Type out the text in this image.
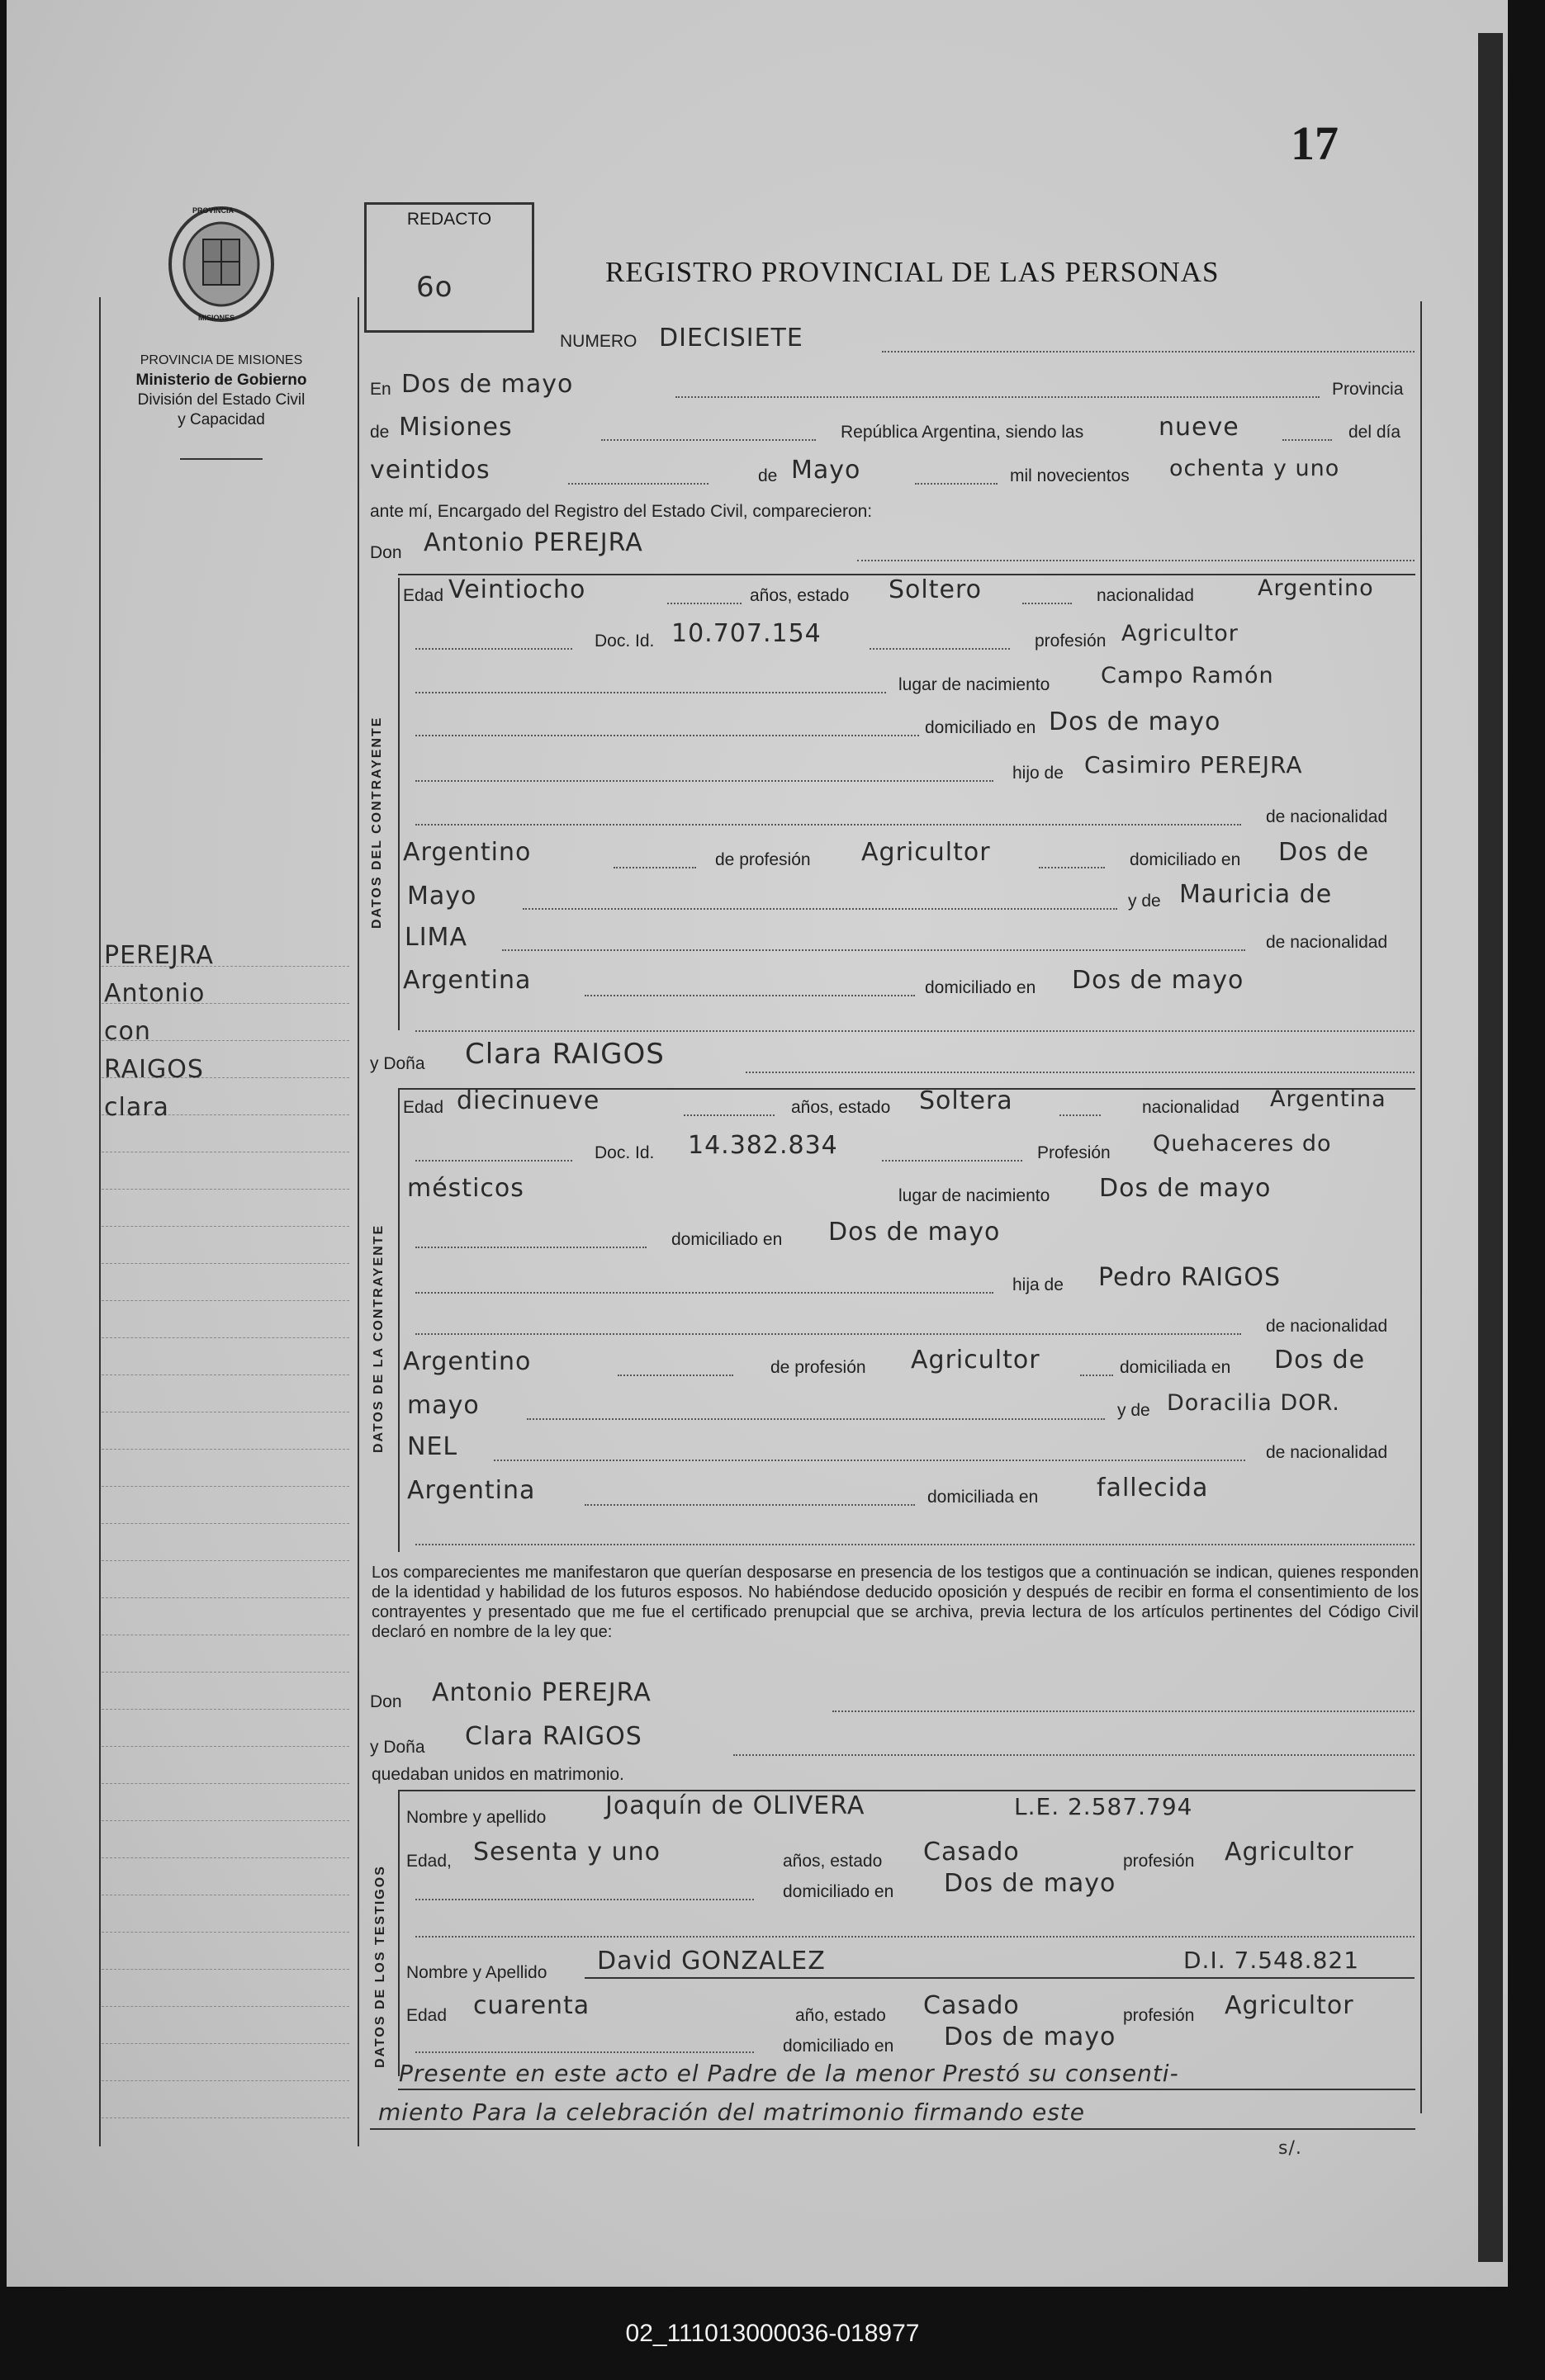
17
PROVINCIA
MISIONES
PROVINCIA DE MISIONES
Ministerio de Gobierno
División del Estado Civil
y Capacidad
PEREJRA
Antonio
con
RAIGOS
clara
REDACTO
6o	REGISTRO PROVINCIAL DE LAS PERSONAS
NUMERO DIECISIETE
En Dos de mayo	Provincia
de Misiones	República Argentina, siendo las	nueve	del día
veintidos	de Mayo	mil novecientos ochenta y uno
ante mí, Encargado del Registro del Estado Civil, comparecieron:
Don Antonio PEREJRA
DATOS DEL CONTRAYENTE
Edad Veintiocho	años, estado Soltero	nacionalidad	Argentino
Doc. Id. 10.707.154	profesión Agricultor
lugar de nacimiento Campo Ramón
domiciliado en Dos de mayo
hijo de Casimiro PEREJRA
de nacionalidad
Argentino	de profesión Agricultor	domiciliado en Dos de
Mayo	y de Mauricia de
LIMA	de nacionalidad
Argentina	domiciliado en Dos de mayo
y Doña Clara RAIGOS
DATOS DE LA CONTRAYENTE
Edad diecinueve	años, estado Soltera	nacionalidad Argentina
Doc. Id. 14.382.834	Profesión Quehaceres do
mésticos	lugar de nacimiento Dos de mayo
domiciliado en Dos de mayo
hija de Pedro RAIGOS
de nacionalidad
Argentino	de profesión Agricultor	domiciliada en Dos de
mayo	y de Doracilia DOR.
NEL	de nacionalidad
Argentina	domiciliada en fallecida
Los comparecientes me manifestaron que querían desposarse en presencia de los testigos que a continuación se indican, quienes responden de la identidad y habilidad de los futuros esposos. No habiéndose deducido oposición y después de recibir en forma el consentimiento de los contrayentes y presentado que me fue el certificado prenupcial que se archiva, previa lectura de los artículos pertinentes del Código Civil declaró en nombre de la ley que:
Don Antonio PEREJRA
y Doña Clara RAIGOS
quedaban unidos en matrimonio.
DATOS DE LOS TESTIGOS
Nombre y apellido Joaquín de OLIVERA	L.E. 2.587.794
Edad, Sesenta y uno	años, estado Casado	profesión Agricultor
domiciliado en Dos de mayo
Nombre y Apellido David GONZALEZ	D.I. 7.548.821
Edad cuarenta	año, estado Casado	profesión Agricultor
domiciliado en Dos de mayo
Presente en este acto el Padre de la menor Prestó su consenti-
miento Para la celebración del matrimonio firmando este
s/.
02_111013000036-018977
